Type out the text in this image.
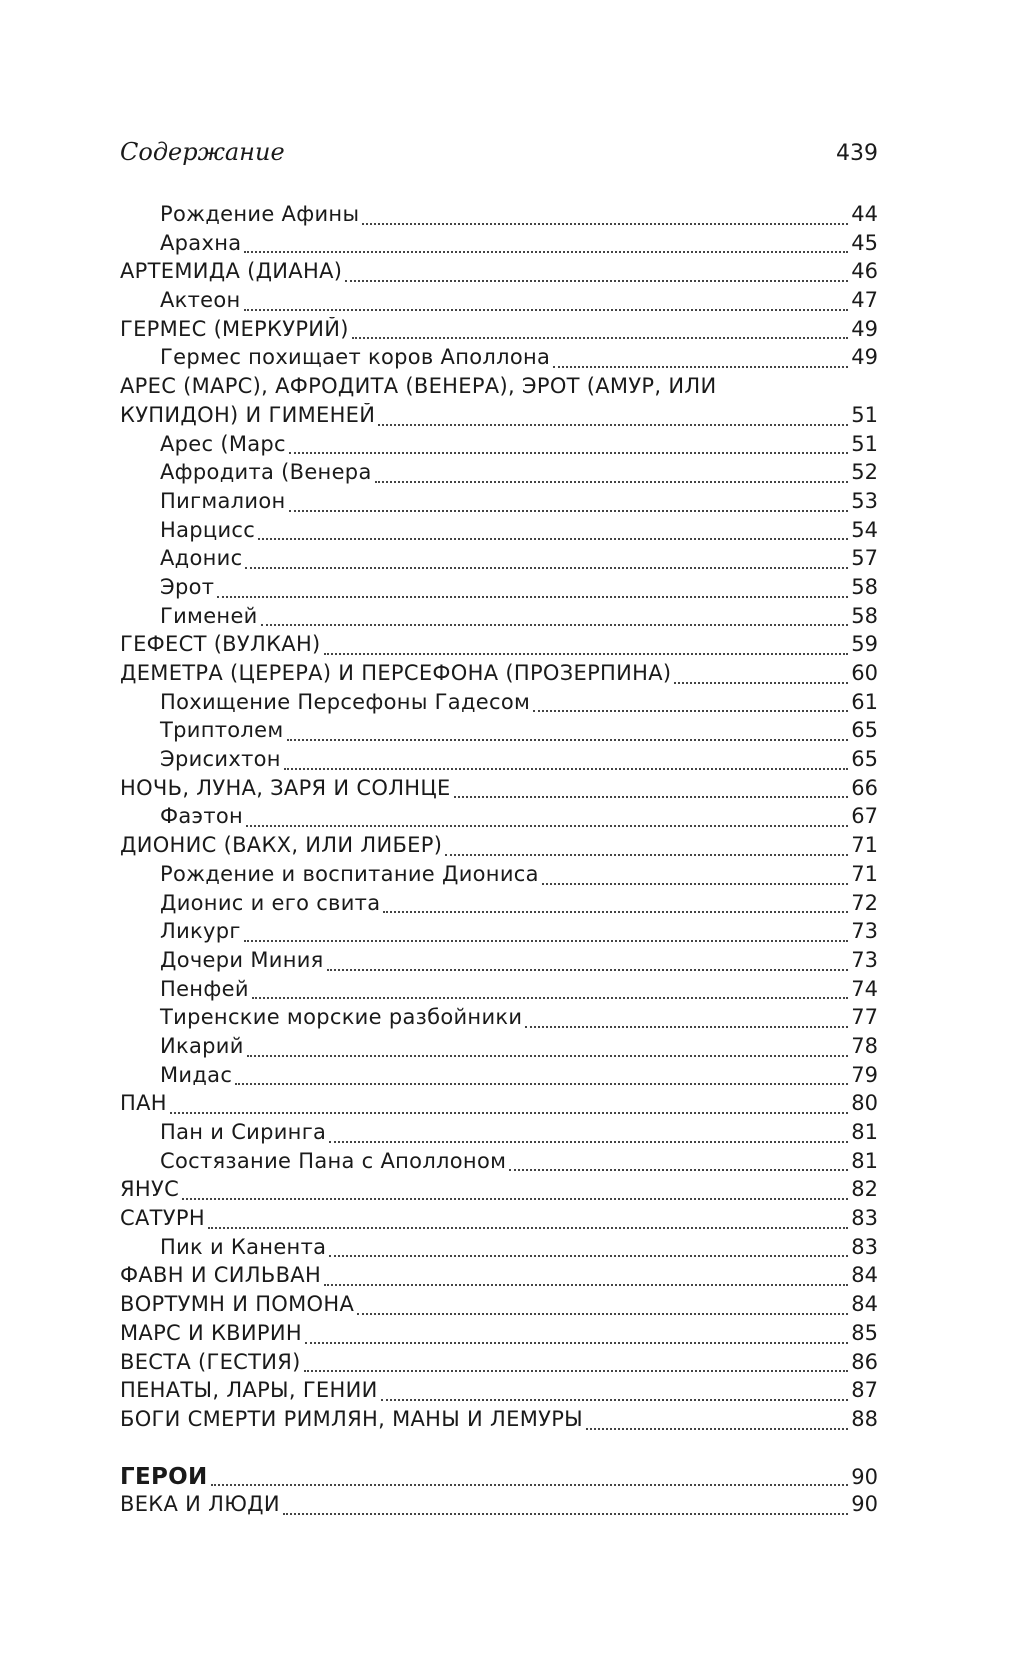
Содержание	439
Рождение Афины	44
Арахна	45
АРТЕМИДА (ДИАНА)	46
Актеон	47
ГЕРМЕС (МЕРКУРИЙ)	49
Гермес похищает коров Аполлона	49
АРЕС (МАРС), АФРОДИТА (ВЕНЕРА), ЭРОТ (АМУР, ИЛИ
КУПИДОН) И ГИМЕНЕЙ	51
Арес (Марс	51
Афродита (Венера	52
Пигмалион	53
Нарцисс	54
Адонис	57
Эрот	58
Гименей	58
ГЕФЕСТ (ВУЛКАН)	59
ДЕМЕТРА (ЦЕРЕРА) И ПЕРСЕФОНА (ПРОЗЕРПИНА)	60
Похищение Персефоны Гадесом	61
Триптолем	65
Эрисихтон	65
НОЧЬ, ЛУНА, ЗАРЯ И СОЛНЦЕ	66
Фаэтон	67
ДИОНИС (ВАКХ, ИЛИ ЛИБЕР)	71
Рождение и воспитание Диониса	71
Дионис и его свита	72
Ликург	73
Дочери Миния	73
Пенфей	74
Тиренские морские разбойники	77
Икарий	78
Мидас	79
ПАН	80
Пан и Сиринга	81
Состязание Пана с Аполлоном	81
ЯНУС	82
САТУРН	83
Пик и Канента	83
ФАВН И СИЛЬВАН	84
ВОРТУМН И ПОМОНА	84
МАРС И КВИРИН	85
ВЕСТА (ГЕСТИЯ)	86
ПЕНАТЫ, ЛАРЫ, ГЕНИИ	87
БОГИ СМЕРТИ РИМЛЯН, МАНЫ И ЛЕМУРЫ	88
ГЕРОИ	90
ВЕКА И ЛЮДИ	90
